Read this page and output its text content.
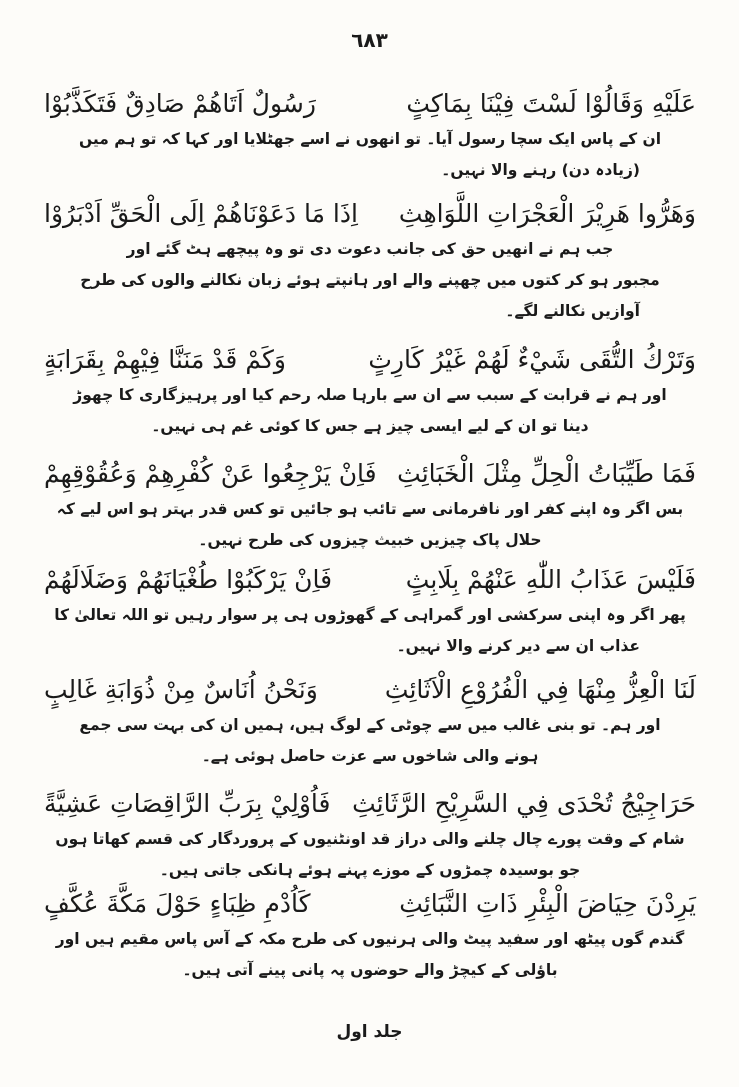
٦٨٣
رَسُولٌ اَتَاهُمْ صَادِقٌ فَتَكَذَّبُوْا	عَلَيْهِ وَقَالُوْا لَسْتَ فِيْنَا بِمَاكِثٍ
ان کے پاس ایک سچا رسول آیا۔ تو انھوں نے اسے جھٹلایا اور کہا کہ تو ہم میں
(زیادہ دن) رہنے والا نہیں۔
اِذَا مَا دَعَوْنَاهُمْ اِلَى الْحَقِّ اَدْبَرُوْا وَهَرُّوا هَرِيْرَ الْعَجْرَاتِ اللَّوَاهِثِ
جب ہم نے انھیں حق کی جانب دعوت دی تو وہ پیچھے ہٹ گئے اور
مجبور ہو کر کتوں میں چھپنے والے اور ہانپتے ہوئے زبان نکالنے والوں کی طرح
آوازیں نکالنے لگے۔
وَكَمْ قَدْ مَنَنَّا فِيْهِمْ بِقَرَابَةٍ	وَتَرْكُ التُّقَى شَيْءٌ لَهُمْ غَيْرُ كَارِثٍ
اور ہم نے قرابت کے سبب سے ان سے بارہا صلہ رحم کیا اور پرہیزگاری کا چھوڑ
دینا تو ان کے لیے ایسی چیز ہے جس کا کوئی غم ہی نہیں۔
فَاِنْ يَرْجِعُوا عَنْ كُفْرِهِمْ وَعُقُوْقِهِمْ فَمَا طَيِّبَاتُ الْحِلِّ مِثْلَ الْخَبَائِثِ
بس اگر وہ اپنے کفر اور نافرمانی سے تائب ہو جائیں تو کس قدر بہتر ہو اس لیے کہ
حلال پاک چیزیں خبیث چیزوں کی طرح نہیں۔
فَاِنْ يَرْكَبُوْا طُغْيَانَهُمْ وَضَلَالَهُمْ	فَلَيْسَ عَذَابُ اللّٰهِ عَنْهُمْ بِلَابِثٍ
پھر اگر وہ اپنی سرکشی اور گمراہی کے گھوڑوں ہی پر سوار رہیں تو اللہ تعالیٰ کا
عذاب ان سے دیر کرنے والا نہیں۔
وَنَحْنُ اُنَاسٌ مِنْ ذُوَابَةِ غَالِبٍ	لَنَا الْعِزُّ مِنْهَا فِي الْفُرُوْعِ الْاَثَائِثِ
اور ہم۔ تو بنی غالب میں سے چوٹی کے لوگ ہیں، ہمیں ان کی بہت سی جمع
ہونے والی شاخوں سے عزت حاصل ہوئی ہے۔
فَاُوْلِيْ بِرَبِّ الرَّاقِصَاتِ عَشِيَّةً حَرَاجِيْجُ تُحْدَى فِي السَّرِيْحِ الرَّثَائِثِ
شام کے وقت پورے چال چلنے والی دراز قد اونٹنیوں کے پروردگار کی قسم کھاتا ہوں
جو بوسیدہ چمڑوں کے موزے پہنے ہوئے ہانکی جاتی ہیں۔
كَاُدْمِ ظِبَاءٍ حَوْلَ مَكَّةَ عُكَّفٍ	يَرِدْنَ حِيَاضَ الْبِئْرِ ذَاتِ النَّبَائِثِ
گندم گوں پیٹھ اور سفید پیٹ والی ہرنیوں کی طرح مکہ کے آس پاس مقیم ہیں اور
باؤلی کے کیچڑ والے حوضوں پہ پانی پینے آتی ہیں۔
جلد اول
